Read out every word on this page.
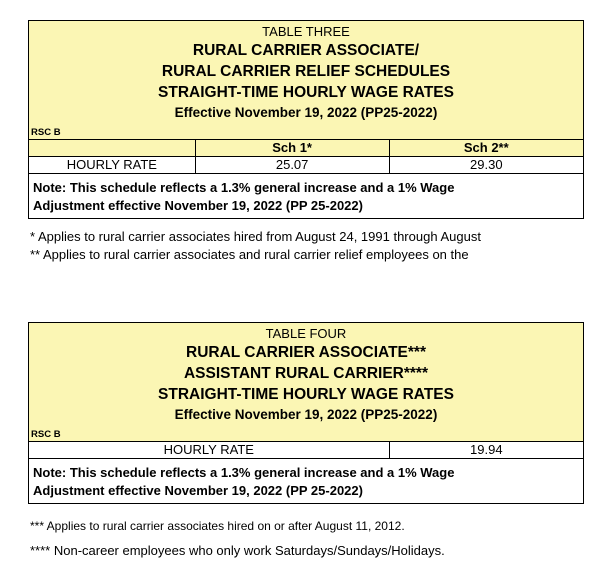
TABLE THREE
RURAL CARRIER ASSOCIATE/
RURAL CARRIER RELIEF SCHEDULES
STRAIGHT-TIME HOURLY WAGE RATES
Effective November 19, 2022 (PP25-2022)
RSC B
	Sch 1*	Sch 2**
HOURLY RATE	25.07	29.30
Note: This schedule reflects a 1.3% general increase and a 1% Wage
Adjustment effective November 19, 2022 (PP 25-2022)
* Applies to rural carrier associates hired from August 24, 1991 through August
** Applies to rural carrier associates and rural carrier relief employees on the
TABLE FOUR
RURAL CARRIER ASSOCIATE***
ASSISTANT RURAL CARRIER****
STRAIGHT-TIME HOURLY WAGE RATES
Effective November 19, 2022 (PP25-2022)
RSC B
HOURLY RATE	19.94
Note: This schedule reflects a 1.3% general increase and a 1% Wage
Adjustment effective November 19, 2022 (PP 25-2022)
*** Applies to rural carrier associates hired on or after August 11, 2012.
**** Non-career employees who only work Saturdays/Sundays/Holidays.
